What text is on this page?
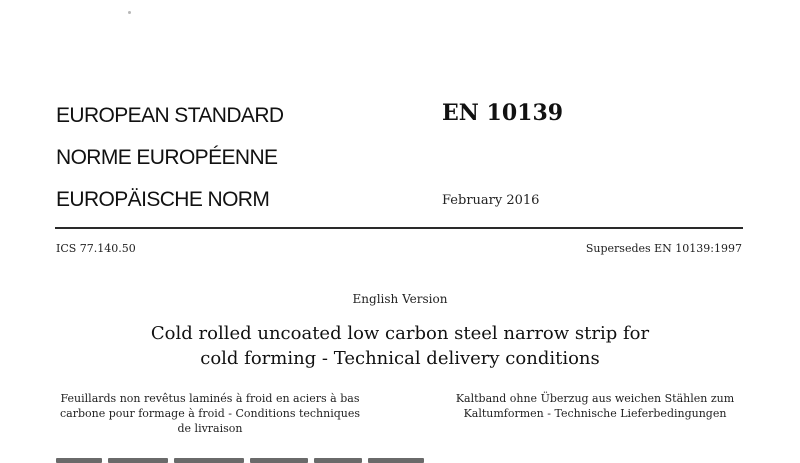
EUROPEAN STANDARD
NORME EUROPÉENNE
EUROPÄISCHE NORM
EN 10139
February 2016
ICS 77.140.50	Supersedes EN 10139:1997
English Version
Cold rolled uncoated low carbon steel narrow strip for
cold forming - Technical delivery conditions
Feuillards non revêtus laminés à froid en aciers à bas
carbone pour formage à froid - Conditions techniques
de livraison
Kaltband ohne Überzug aus weichen Stählen zum
Kaltumformen - Technische Lieferbedingungen
